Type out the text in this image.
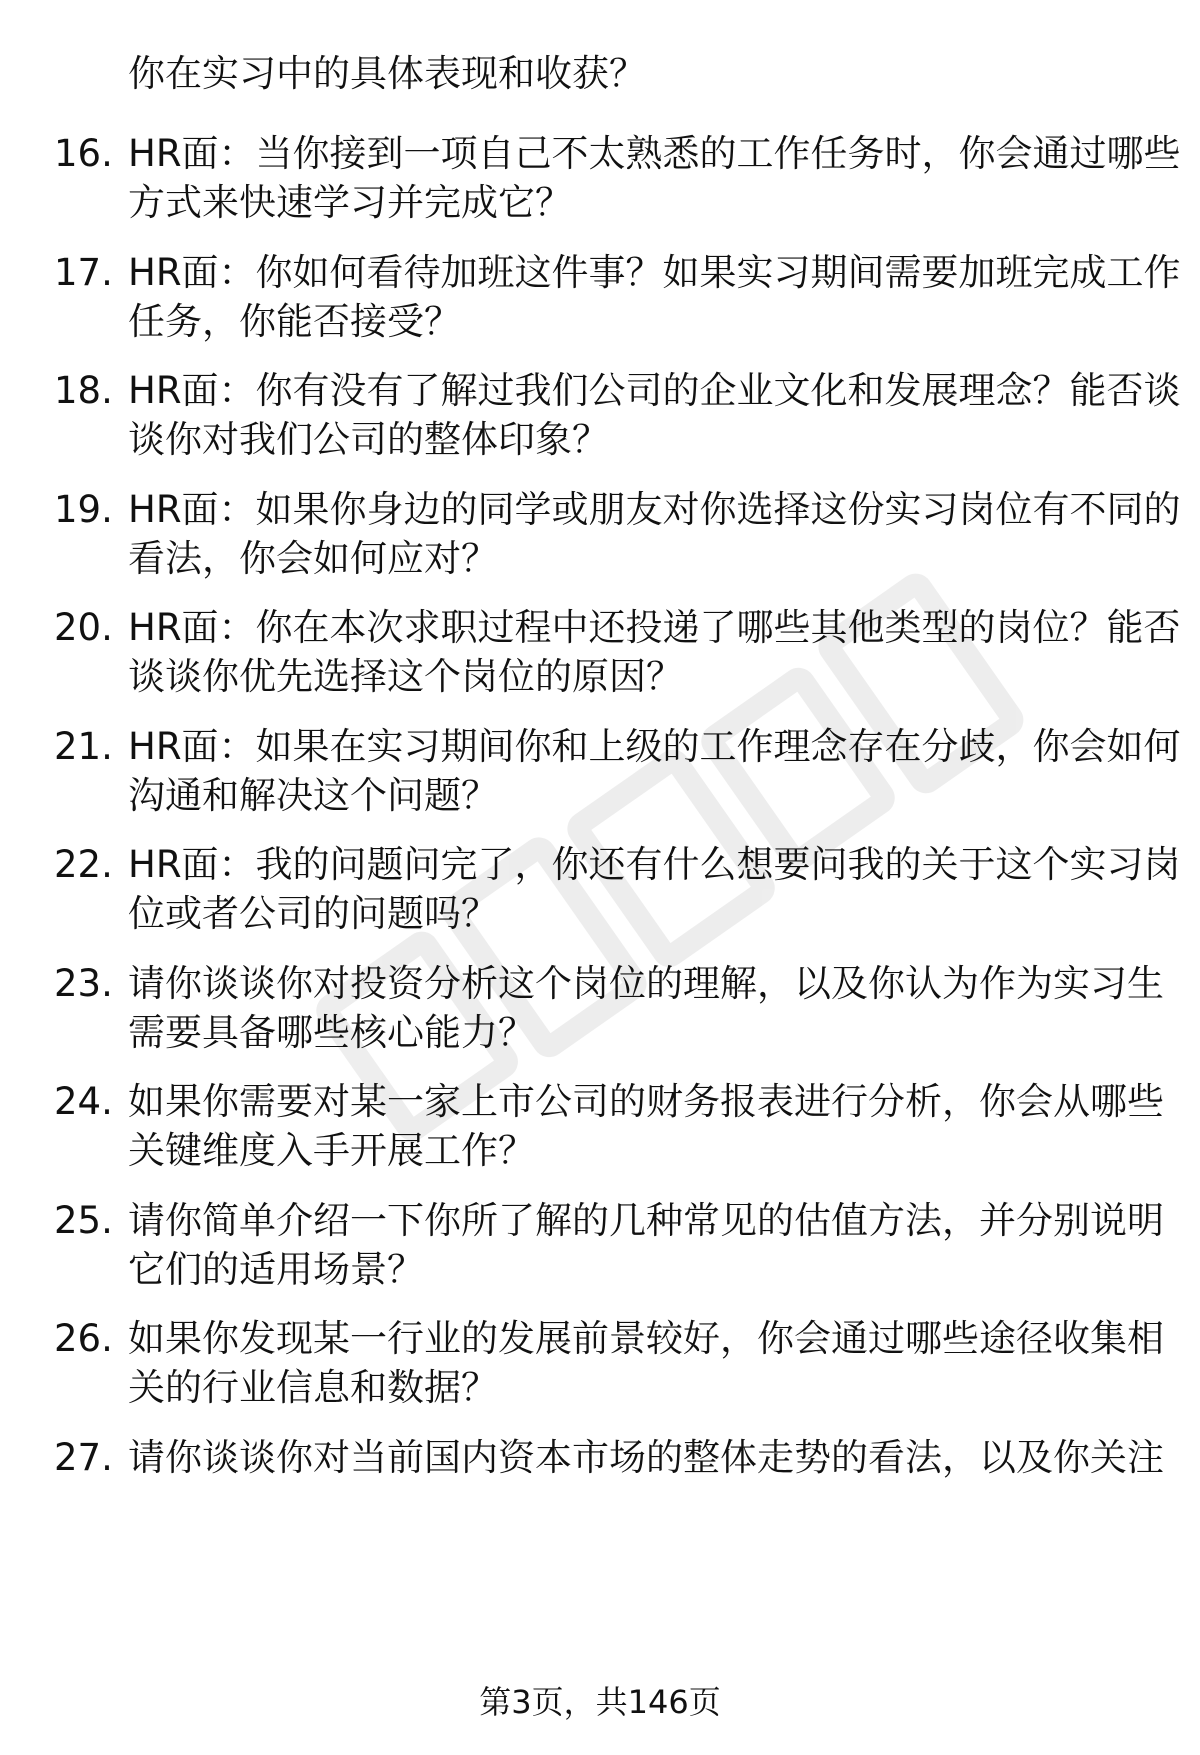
你在实习中的具体表现和收获？
16. HR面：当你接到一项自己不太熟悉的工作任务时，你会通过哪些
方式来快速学习并完成它？
17. HR面：你如何看待加班这件事？如果实习期间需要加班完成工作
任务，你能否接受？
18. HR面：你有没有了解过我们公司的企业文化和发展理念？能否谈
谈你对我们公司的整体印象？
19. HR面：如果你身边的同学或朋友对你选择这份实习岗位有不同的
看法，你会如何应对？
20. HR面：你在本次求职过程中还投递了哪些其他类型的岗位？能否
谈谈你优先选择这个岗位的原因？
21. HR面：如果在实习期间你和上级的工作理念存在分歧，你会如何
沟通和解决这个问题？
22. HR面：我的问题问完了，你还有什么想要问我的关于这个实习岗
位或者公司的问题吗？
23. 请你谈谈你对投资分析这个岗位的理解，以及你认为作为实习生
需要具备哪些核心能力？
24. 如果你需要对某一家上市公司的财务报表进行分析，你会从哪些
关键维度入手开展工作？
25. 请你简单介绍一下你所了解的几种常见的估值方法，并分别说明
它们的适用场景？
26. 如果你发现某一行业的发展前景较好，你会通过哪些途径收集相
关的行业信息和数据？
27. 请你谈谈你对当前国内资本市场的整体走势的看法，以及你关注
第3页，共146页
